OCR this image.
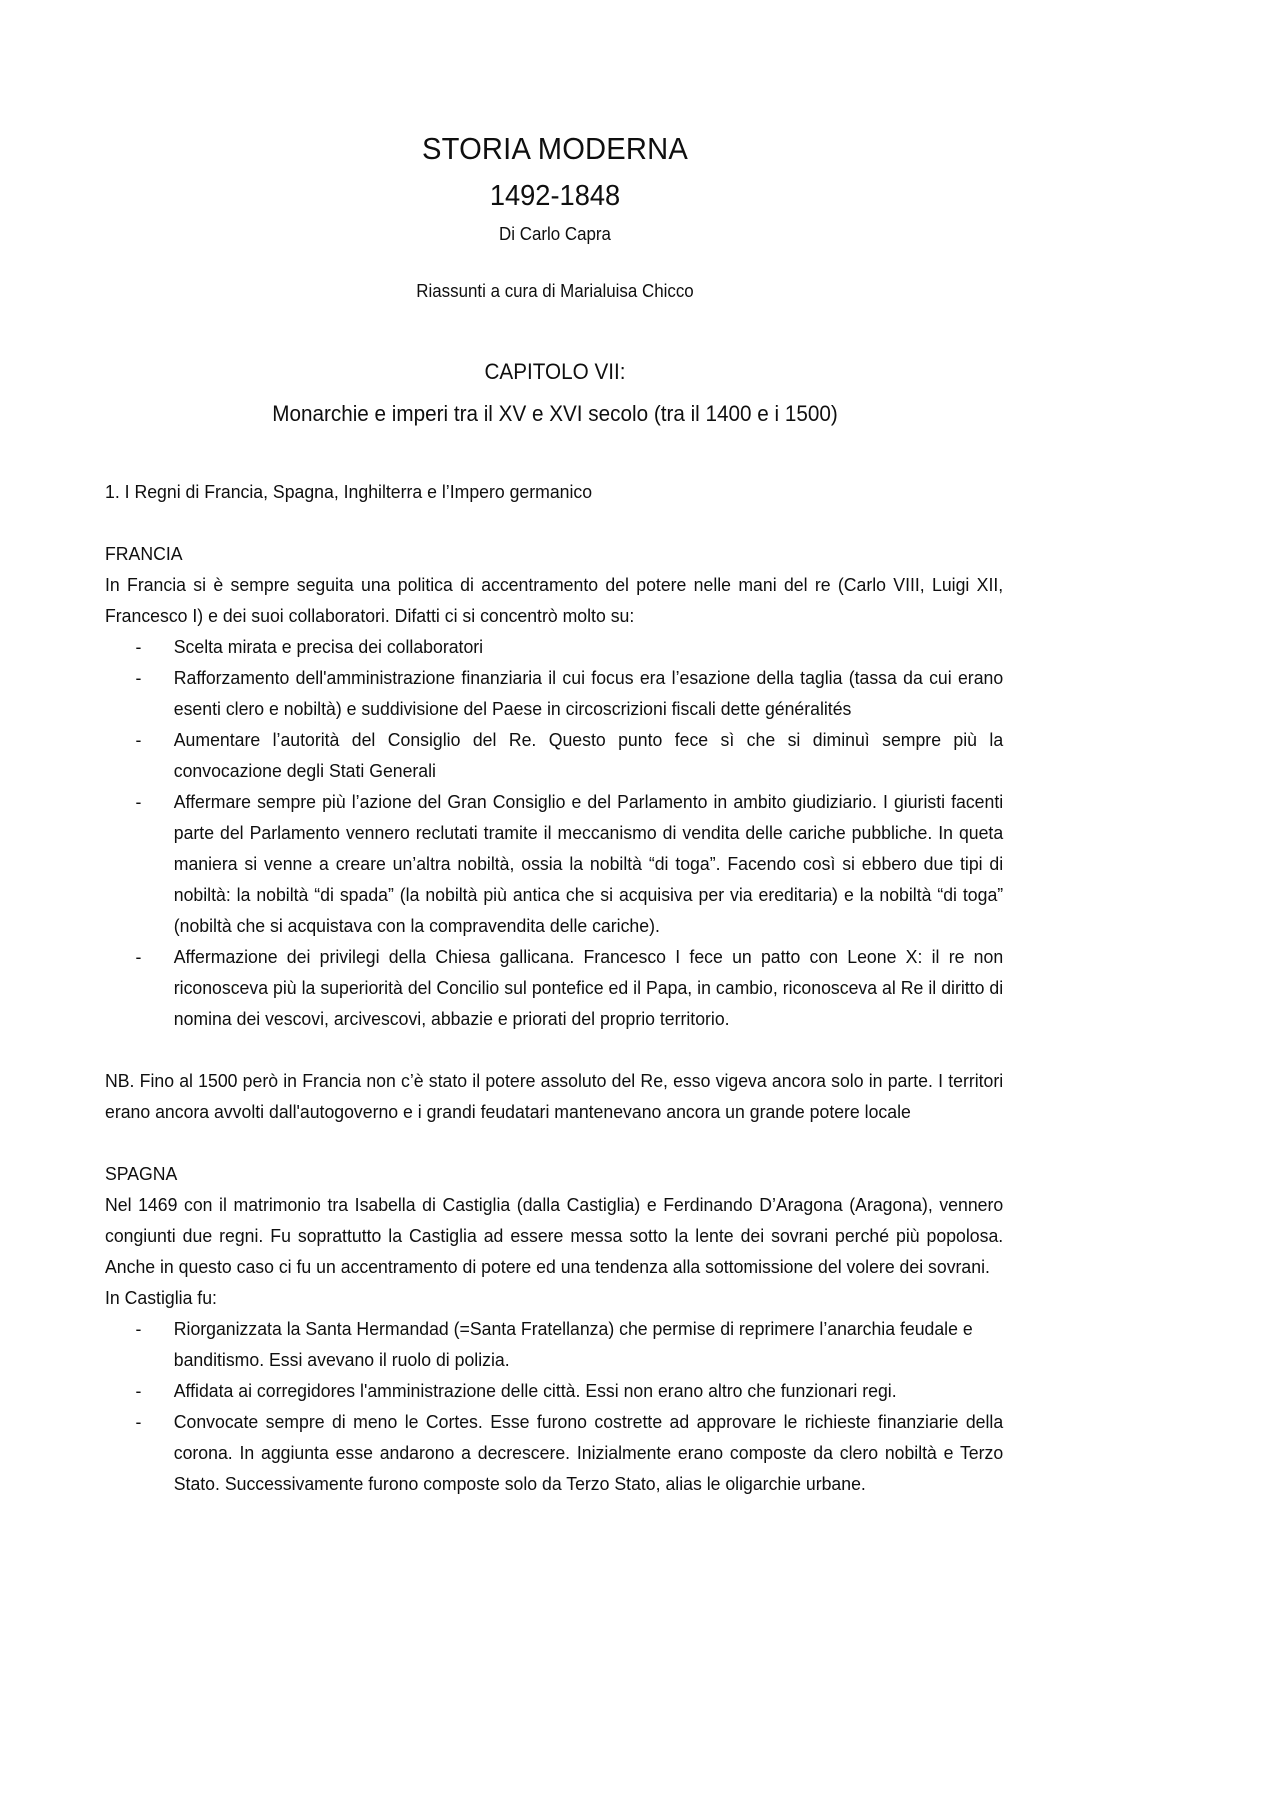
STORIA MODERNA
1492-1848
Di Carlo Capra
Riassunti a cura di Marialuisa Chicco
CAPITOLO VII:
Monarchie e imperi tra il XV e XVI secolo (tra il 1400 e i 1500)

1. I Regni di Francia, Spagna, Inghilterra e l’Impero germanico

FRANCIA

In Francia si è sempre seguita una politica di accentramento del potere nelle mani del re (Carlo VIII, Luigi XII, Francesco I) e dei suoi collaboratori. Difatti ci si concentrò molto su:

- Scelta mirata e precisa dei collaboratori
- Rafforzamento dell'amministrazione finanziaria il cui focus era l’esazione della taglia (tassa da cui erano esenti clero e nobiltà) e suddivisione del Paese in circoscrizioni fiscali dette généralités
- Aumentare l’autorità del Consiglio del Re. Questo punto fece sì che si diminuì sempre più la convocazione degli Stati Generali
- Affermare sempre più l’azione del Gran Consiglio e del Parlamento in ambito giudiziario. I giuristi facenti parte del Parlamento vennero reclutati tramite il meccanismo di vendita delle cariche pubbliche. In queta maniera si venne a creare un’altra nobiltà, ossia la nobiltà “di toga”. Facendo così si ebbero due tipi di nobiltà: la nobiltà “di spada” (la nobiltà più antica che si acquisiva per via ereditaria) e la nobiltà “di toga” (nobiltà che si acquistava con la compravendita delle cariche).
- Affermazione dei privilegi della Chiesa gallicana. Francesco I fece un patto con Leone X: il re non riconosceva più la superiorità del Concilio sul pontefice ed il Papa, in cambio, riconosceva al Re il diritto di nomina dei vescovi, arcivescovi, abbazie e priorati del proprio territorio.

NB. Fino al 1500 però in Francia non c’è stato il potere assoluto del Re, esso vigeva ancora solo in parte. I territori erano ancora avvolti dall'autogoverno e i grandi feudatari mantenevano ancora un grande potere locale

SPAGNA

Nel 1469 con il matrimonio tra Isabella di Castiglia (dalla Castiglia) e Ferdinando D’Aragona (Aragona), vennero congiunti due regni. Fu soprattutto la Castiglia ad essere messa sotto la lente dei sovrani perché più popolosa. Anche in questo caso ci fu un accentramento di potere ed una tendenza alla sottomissione del volere dei sovrani.

In Castiglia fu:

- Riorganizzata la Santa Hermandad (=Santa Fratellanza) che permise di reprimere l’anarchia feudale e banditismo. Essi avevano il ruolo di polizia.
- Affidata ai corregidores l'amministrazione delle città. Essi non erano altro che funzionari regi.
- Convocate sempre di meno le Cortes. Esse furono costrette ad approvare le richieste finanziarie della corona. In aggiunta esse andarono a decrescere. Inizialmente erano composte da clero nobiltà e Terzo Stato. Successivamente furono composte solo da Terzo Stato, alias le oligarchie urbane.
